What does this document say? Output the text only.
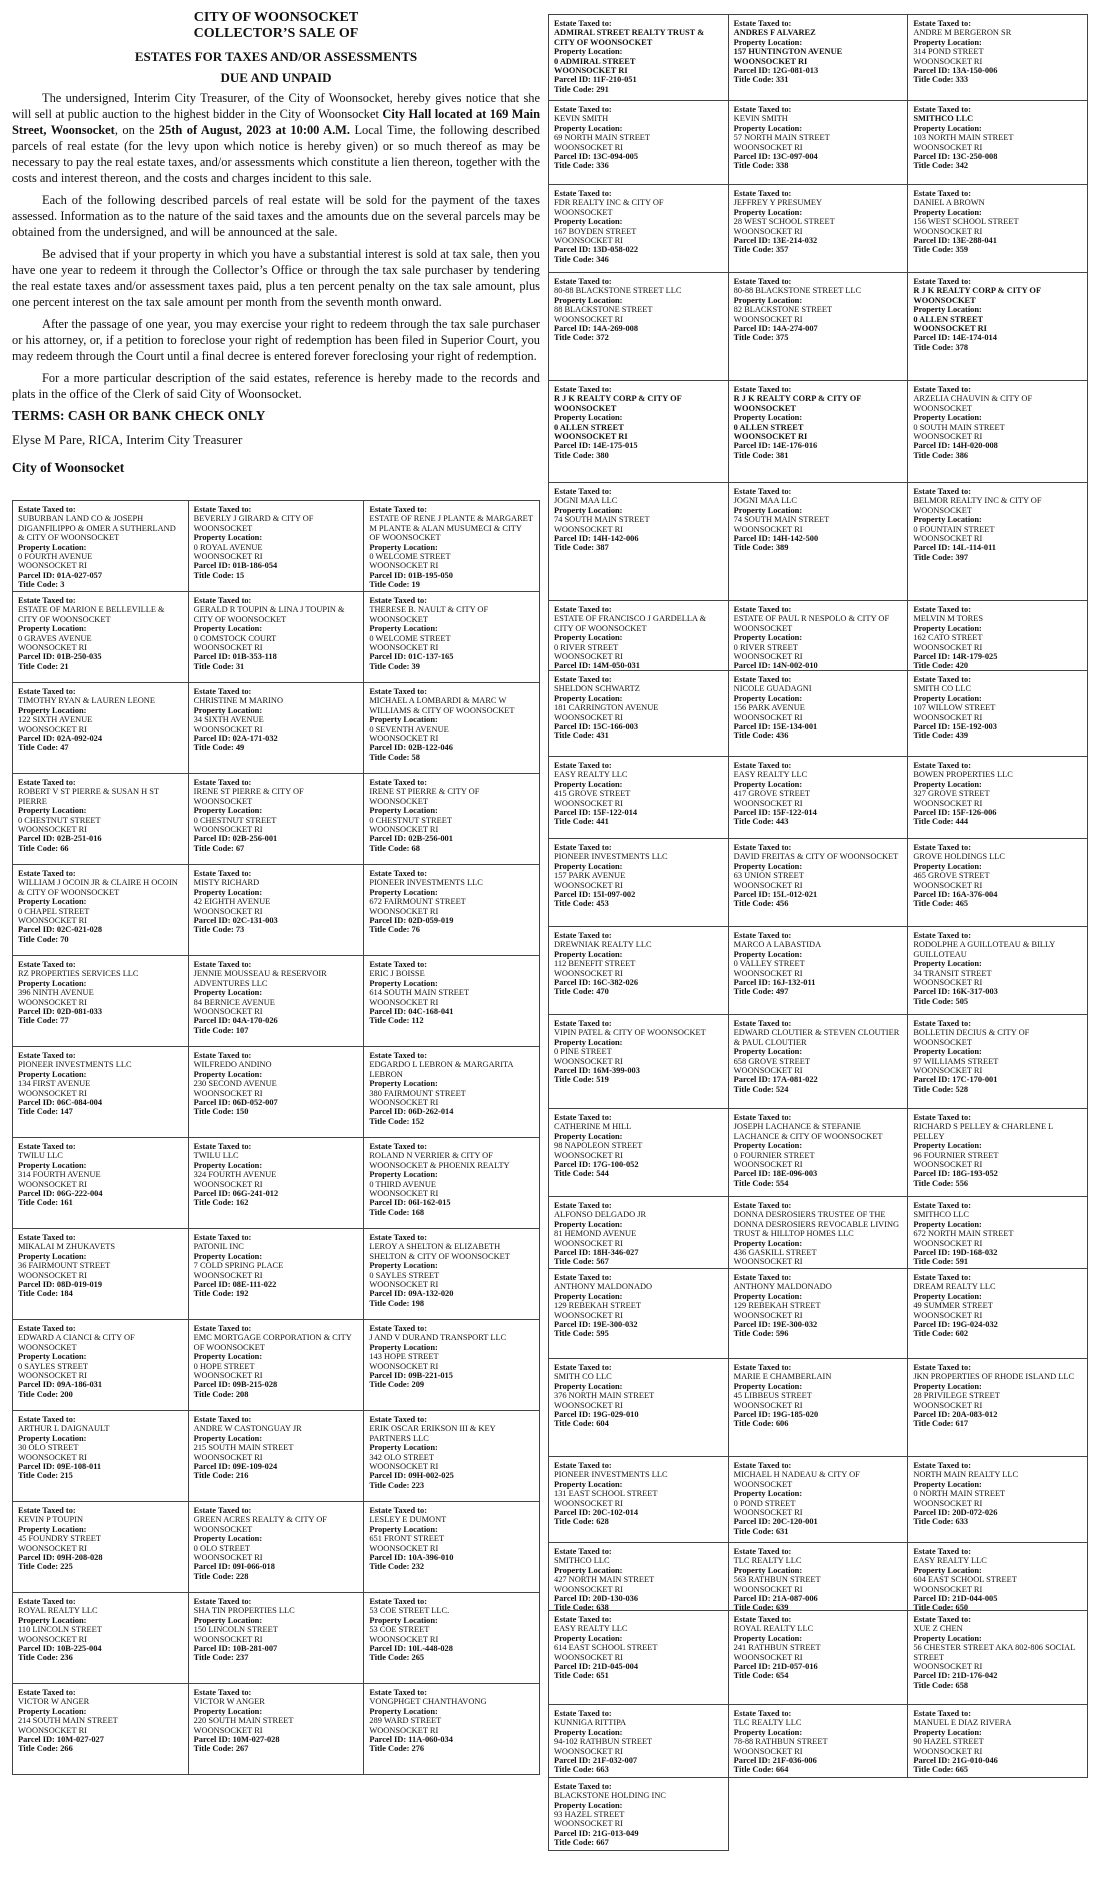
CITY OF WOONSOCKET
COLLECTOR’S SALE OF
ESTATES FOR TAXES AND/OR ASSESSMENTS
DUE AND UNPAID
The undersigned, Interim City Treasurer, of the City of Woonsocket, hereby gives notice that she will sell at public auction to the highest bidder in the City of Woonsocket City Hall located at 169 Main Street, Woonsocket, on the 25th of August, 2023 at 10:00 A.M. Local Time, the following described parcels of real estate (for the levy upon which notice is hereby given) or so much thereof as may be necessary to pay the real estate taxes, and/or assessments which constitute a lien thereon, together with the costs and interest thereon, and the costs and charges incident to this sale.
Each of the following described parcels of real estate will be sold for the payment of the taxes assessed. Information as to the nature of the said taxes and the amounts due on the several parcels may be obtained from the undersigned, and will be announced at the sale.
Be advised that if your property in which you have a substantial interest is sold at tax sale, then you have one year to redeem it through the Collector’s Office or through the tax sale purchaser by tendering the real estate taxes and/or assessment taxes paid, plus a ten percent penalty on the tax sale amount, plus one percent interest on the tax sale amount per month from the seventh month onward.
After the passage of one year, you may exercise your right to redeem through the tax sale purchaser or his attorney, or, if a petition to foreclose your right of redemption has been filed in Superior Court, you may redeem through the Court until a final decree is entered forever foreclosing your right of redemption.
For a more particular description of the said estates, reference is hereby made to the records and plats in the office of the Clerk of said City of Woonsocket.
TERMS: CASH OR BANK CHECK ONLY
Elyse M Pare, RICA, Interim City Treasurer
City of Woonsocket
Estate Taxed to:
SUBURBAN LAND CO & JOSEPH DIGANFILIPPO & OMER A SUTHERLAND & CITY OF WOONSOCKET
Property Location:
0 FOURTH AVENUE
WOONSOCKET RI
Parcel ID: 01A-027-057
Title Code: 3
Estate Taxed to:
BEVERLY J GIRARD & CITY OF WOONSOCKET
Property Location:
0 ROYAL AVENUE
WOONSOCKET RI
Parcel ID: 01B-186-054
Title Code: 15
Estate Taxed to:
ESTATE OF RENE J PLANTE & MARGARET M PLANTE & ALAN MUSUMECI & CITY OF WOONSOCKET
Property Location:
0 WELCOME STREET
WOONSOCKET RI
Parcel ID: 01B-195-050
Title Code: 19
Estate Taxed to:
ESTATE OF MARION E BELLEVILLE & CITY OF WOONSOCKET
Property Location:
0 GRAVES AVENUE
WOONSOCKET RI
Parcel ID: 01B-250-035
Title Code: 21
Estate Taxed to:
GERALD R TOUPIN & LINA J TOUPIN & CITY OF WOONSOCKET
Property Location:
0 COMSTOCK COURT
WOONSOCKET RI
Parcel ID: 01B-353-118
Title Code: 31
Estate Taxed to:
THERESE B. NAULT & CITY OF WOONSOCKET
Property Location:
0 WELCOME STREET
WOONSOCKET RI
Parcel ID: 01C-137-165
Title Code: 39
Estate Taxed to:
TIMOTHY RYAN & LAUREN LEONE
Property Location:
122 SIXTH AVENUE
WOONSOCKET RI
Parcel ID: 02A-092-024
Title Code: 47
Estate Taxed to:
CHRISTINE M MARINO
Property Location:
34 SIXTH AVENUE
WOONSOCKET RI
Parcel ID: 02A-171-032
Title Code: 49
Estate Taxed to:
MICHAEL A LOMBARDI & MARC W WILLIAMS & CITY OF WOONSOCKET
Property Location:
0 SEVENTH AVENUE
WOONSOCKET RI
Parcel ID: 02B-122-046
Title Code: 58
Estate Taxed to:
ROBERT V ST PIERRE & SUSAN H ST PIERRE
Property Location:
0 CHESTNUT STREET
WOONSOCKET RI
Parcel ID: 02B-251-016
Title Code: 66
Estate Taxed to:
IRENE ST PIERRE & CITY OF WOONSOCKET
Property Location:
0 CHESTNUT STREET
WOONSOCKET RI
Parcel ID: 02B-256-001
Title Code: 67
Estate Taxed to:
IRENE ST PIERRE & CITY OF WOONSOCKET
Property Location:
0 CHESTNUT STREET
WOONSOCKET RI
Parcel ID: 02B-256-001
Title Code: 68
Estate Taxed to:
WILLIAM J OCOIN JR & CLAIRE H OCOIN & CITY OF WOONSOCKET
Property Location:
0 CHAPEL STREET
WOONSOCKET RI
Parcel ID: 02C-021-028
Title Code: 70
Estate Taxed to:
MISTY RICHARD
Property Location:
42 EIGHTH AVENUE
WOONSOCKET RI
Parcel ID: 02C-131-003
Title Code: 73
Estate Taxed to:
PIONEER INVESTMENTS LLC
Property Location:
672 FAIRMOUNT STREET
WOONSOCKET RI
Parcel ID: 02D-059-019
Title Code: 76
Estate Taxed to:
RZ PROPERTIES SERVICES LLC
Property Location:
396 NINTH AVENUE
WOONSOCKET RI
Parcel ID: 02D-081-033
Title Code: 77
Estate Taxed to:
JENNIE MOUSSEAU & RESERVOIR ADVENTURES LLC
Property Location:
84 BERNICE AVENUE
WOONSOCKET RI
Parcel ID: 04A-170-026
Title Code: 107
Estate Taxed to:
ERIC J BOISSE
Property Location:
614 SOUTH MAIN STREET
WOONSOCKET RI
Parcel ID: 04C-168-041
Title Code: 112
Estate Taxed to:
PIONEER INVESTMENTS LLC
Property Location:
134 FIRST AVENUE
WOONSOCKET RI
Parcel ID: 06C-084-004
Title Code: 147
Estate Taxed to:
WILFREDO ANDINO
Property Location:
230 SECOND AVENUE
WOONSOCKET RI
Parcel ID: 06D-052-007
Title Code: 150
Estate Taxed to:
EDGARDO L LEBRON & MARGARITA LEBRON
Property Location:
380 FAIRMOUNT STREET
WOONSOCKET RI
Parcel ID: 06D-262-014
Title Code: 152
Estate Taxed to:
TWILU LLC
Property Location:
314 FOURTH AVENUE
WOONSOCKET RI
Parcel ID: 06G-222-004
Title Code: 161
Estate Taxed to:
TWILU LLC
Property Location:
324 FOURTH AVENUE
WOONSOCKET RI
Parcel ID: 06G-241-012
Title Code: 162
Estate Taxed to:
ROLAND N VERRIER & CITY OF WOONSOCKET & PHOENIX REALTY
Property Location:
0 THIRD AVENUE
WOONSOCKET RI
Parcel ID: 06I-162-015
Title Code: 168
Estate Taxed to:
MIKALAI M ZHUKAVETS
Property Location:
36 FAIRMOUNT STREET
WOONSOCKET RI
Parcel ID: 08D-019-019
Title Code: 184
Estate Taxed to:
PATONIL INC
Property Location:
7 COLD SPRING PLACE
WOONSOCKET RI
Parcel ID: 08E-111-022
Title Code: 192
Estate Taxed to:
LEROY A SHELTON & ELIZABETH SHELTON & CITY OF WOONSOCKET
Property Location:
0 SAYLES STREET
WOONSOCKET RI
Parcel ID: 09A-132-020
Title Code: 198
Estate Taxed to:
EDWARD A CIANCI & CITY OF WOONSOCKET
Property Location:
0 SAYLES STREET
WOONSOCKET RI
Parcel ID: 09A-186-031
Title Code: 200
Estate Taxed to:
EMC MORTGAGE CORPORATION & CITY OF WOONSOCKET
Property Location:
0 HOPE STREET
WOONSOCKET RI
Parcel ID: 09B-215-028
Title Code: 208
Estate Taxed to:
J AND V DURAND TRANSPORT LLC
Property Location:
143 HOPE STREET
WOONSOCKET RI
Parcel ID: 09B-221-015
Title Code: 209
Estate Taxed to:
ARTHUR L DAIGNAULT
Property Location:
30 OLO STREET
WOONSOCKET RI
Parcel ID: 09E-108-011
Title Code: 215
Estate Taxed to:
ANDRE W CASTONGUAY JR
Property Location:
215 SOUTH MAIN STREET
WOONSOCKET RI
Parcel ID: 09E-109-024
Title Code: 216
Estate Taxed to:
ERIK OSCAR ERIKSON III & KEY PARTNERS LLC
Property Location:
342 OLO STREET
WOONSOCKET RI
Parcel ID: 09H-002-025
Title Code: 223
Estate Taxed to:
KEVIN P TOUPIN
Property Location:
45 FOUNDRY STREET
WOONSOCKET RI
Parcel ID: 09H-208-028
Title Code: 225
Estate Taxed to:
GREEN ACRES REALTY & CITY OF WOONSOCKET
Property Location:
0 OLO STREET
WOONSOCKET RI
Parcel ID: 09I-066-018
Title Code: 228
Estate Taxed to:
LESLEY E DUMONT
Property Location:
651 FRONT STREET
WOONSOCKET RI
Parcel ID: 10A-396-010
Title Code: 232
Estate Taxed to:
ROYAL REALTY LLC
Property Location:
110 LINCOLN STREET
WOONSOCKET RI
Parcel ID: 10B-225-004
Title Code: 236
Estate Taxed to:
SHA TIN PROPERTIES LLC
Property Location:
150 LINCOLN STREET
WOONSOCKET RI
Parcel ID: 10B-281-007
Title Code: 237
Estate Taxed to:
53 COE STREET LLC.
Property Location:
53 COE STREET
WOONSOCKET RI
Parcel ID: 10L-448-028
Title Code: 265
Estate Taxed to:
VICTOR W ANGER
Property Location:
214 SOUTH MAIN STREET
WOONSOCKET RI
Parcel ID: 10M-027-027
Title Code: 266
Estate Taxed to:
VICTOR W ANGER
Property Location:
220 SOUTH MAIN STREET
WOONSOCKET RI
Parcel ID: 10M-027-028
Title Code: 267
Estate Taxed to:
VONGPHGET CHANTHAVONG
Property Location:
289 WARD STREET
WOONSOCKET RI
Parcel ID: 11A-060-034
Title Code: 276
Estate Taxed to:
ADMIRAL STREET REALTY TRUST & CITY OF WOONSOCKET
Property Location:
0 ADMIRAL STREET
WOONSOCKET RI
Parcel ID: 11F-210-051
Title Code: 291
Estate Taxed to:
ANDRES F ALVAREZ
Property Location:
157 HUNTINGTON AVENUE
WOONSOCKET RI
Parcel ID: 12G-081-013
Title Code: 331
Estate Taxed to:
ANDRE M BERGERON SR
Property Location:
314 POND STREET
WOONSOCKET RI
Parcel ID: 13A-150-006
Title Code: 333
Estate Taxed to:
KEVIN SMITH
Property Location:
69 NORTH MAIN STREET
WOONSOCKET RI
Parcel ID: 13C-094-005
Title Code: 336
Estate Taxed to:
KEVIN SMITH
Property Location:
57 NORTH MAIN STREET
WOONSOCKET RI
Parcel ID: 13C-097-004
Title Code: 338
Estate Taxed to:
SMITHCO LLC
Property Location:
103 NORTH MAIN STREET
WOONSOCKET RI
Parcel ID: 13C-250-008
Title Code: 342
Estate Taxed to:
FDR REALTY INC & CITY OF WOONSOCKET
Property Location:
167 BOYDEN STREET
WOONSOCKET RI
Parcel ID: 13D-058-022
Title Code: 346
Estate Taxed to:
JEFFREY Y PRESUMEY
Property Location:
28 WEST SCHOOL STREET
WOONSOCKET RI
Parcel ID: 13E-214-032
Title Code: 357
Estate Taxed to:
DANIEL A BROWN
Property Location:
156 WEST SCHOOL STREET
WOONSOCKET RI
Parcel ID: 13E-288-041
Title Code: 359
Estate Taxed to:
80-88 BLACKSTONE STREET LLC
Property Location:
88 BLACKSTONE STREET
WOONSOCKET RI
Parcel ID: 14A-269-008
Title Code: 372
Estate Taxed to:
80-88 BLACKSTONE STREET LLC
Property Location:
82 BLACKSTONE STREET
WOONSOCKET RI
Parcel ID: 14A-274-007
Title Code: 375
Estate Taxed to:
R J K REALTY CORP & CITY OF WOONSOCKET
Property Location:
0 ALLEN STREET
WOONSOCKET RI
Parcel ID: 14E-174-014
Title Code: 378
Estate Taxed to:
R J K REALTY CORP & CITY OF WOONSOCKET
Property Location:
0 ALLEN STREET
WOONSOCKET RI
Parcel ID: 14E-175-015
Title Code: 380
Estate Taxed to:
R J K REALTY CORP & CITY OF WOONSOCKET
Property Location:
0 ALLEN STREET
WOONSOCKET RI
Parcel ID: 14E-176-016
Title Code: 381
Estate Taxed to:
ARZELIA CHAUVIN & CITY OF WOONSOCKET
Property Location:
0 SOUTH MAIN STREET
WOONSOCKET RI
Parcel ID: 14H-020-008
Title Code: 386
Estate Taxed to:
JOGNI MAA LLC
Property Location:
74 SOUTH MAIN STREET
WOONSOCKET RI
Parcel ID: 14H-142-006
Title Code: 387
Estate Taxed to:
JOGNI MAA LLC
Property Location:
74 SOUTH MAIN STREET
WOONSOCKET RI
Parcel ID: 14H-142-500
Title Code: 389
Estate Taxed to:
BELMOR REALTY INC & CITY OF WOONSOCKET
Property Location:
0 FOUNTAIN STREET
WOONSOCKET RI
Parcel ID: 14L-114-011
Title Code: 397
Estate Taxed to:
ESTATE OF FRANCISCO J GARDELLA & CITY OF WOONSOCKET
Property Location:
0 RIVER STREET
WOONSOCKET RI
Parcel ID: 14M-050-031
Estate Taxed to:
ESTATE OF PAUL R NESPOLO & CITY OF WOONSOCKET
Property Location:
0 RIVER STREET
WOONSOCKET RI
Parcel ID: 14N-002-010
Estate Taxed to:
MELVIN M TORES
Property Location:
162 CATO STREET
WOONSOCKET RI
Parcel ID: 14R-179-025
Title Code: 420
Estate Taxed to:
SHELDON SCHWARTZ
Property Location:
181 CARRINGTON AVENUE
WOONSOCKET RI
Parcel ID: 15C-166-003
Title Code: 431
Estate Taxed to:
NICOLE GUADAGNI
Property Location:
156 PARK AVENUE
WOONSOCKET RI
Parcel ID: 15E-134-001
Title Code: 436
Estate Taxed to:
SMITH CO LLC
Property Location:
107 WILLOW STREET
WOONSOCKET RI
Parcel ID: 15E-192-003
Title Code: 439
Estate Taxed to:
EASY REALTY LLC
Property Location:
415 GROVE STREET
WOONSOCKET RI
Parcel ID: 15F-122-014
Title Code: 441
Estate Taxed to:
EASY REALTY LLC
Property Location:
417 GROVE STREET
WOONSOCKET RI
Parcel ID: 15F-122-014
Title Code: 443
Estate Taxed to:
BOWEN PROPERTIES LLC
Property Location:
327 GROVE STREET
WOONSOCKET RI
Parcel ID: 15F-126-006
Title Code: 444
Estate Taxed to:
PIONEER INVESTMENTS LLC
Property Location:
157 PARK AVENUE
WOONSOCKET RI
Parcel ID: 15I-097-002
Title Code: 453
Estate Taxed to:
DAVID FREITAS & CITY OF WOONSOCKET
Property Location:
63 UNION STREET
WOONSOCKET RI
Parcel ID: 15L-012-021
Title Code: 456
Estate Taxed to:
GROVE HOLDINGS LLC
Property Location:
465 GROVE STREET
WOONSOCKET RI
Parcel ID: 16A-376-004
Title Code: 465
Estate Taxed to:
DREWNIAK REALTY LLC
Property Location:
112 BENEFIT STREET
WOONSOCKET RI
Parcel ID: 16C-382-026
Title Code: 470
Estate Taxed to:
MARCO A LABASTIDA
Property Location:
0 VALLEY STREET
WOONSOCKET RI
Parcel ID: 16J-132-011
Title Code: 497
Estate Taxed to:
RODOLPHE A GUILLOTEAU & BILLY GUILLOTEAU
Property Location:
34 TRANSIT STREET
WOONSOCKET RI
Parcel ID: 16K-317-003
Title Code: 505
Estate Taxed to:
VIPIN PATEL & CITY OF WOONSOCKET
Property Location:
0 PINE STREET
WOONSOCKET RI
Parcel ID: 16M-399-003
Title Code: 519
Estate Taxed to:
EDWARD CLOUTIER & STEVEN CLOUTIER & PAUL CLOUTIER
Property Location:
658 GROVE STREET
WOONSOCKET RI
Parcel ID: 17A-081-022
Title Code: 524
Estate Taxed to:
BOLLETIN DECIUS & CITY OF WOONSOCKET
Property Location:
97 WILLIAMS STREET
WOONSOCKET RI
Parcel ID: 17C-170-001
Title Code: 528
Estate Taxed to:
CATHERINE M HILL
Property Location:
98 NAPOLEON STREET
WOONSOCKET RI
Parcel ID: 17G-100-052
Title Code: 544
Estate Taxed to:
JOSEPH LACHANCE & STEFANIE LACHANCE & CITY OF WOONSOCKET
Property Location:
0 FOURNIER STREET
WOONSOCKET RI
Parcel ID: 18E-096-003
Title Code: 554
Estate Taxed to:
RICHARD S PELLEY & CHARLENE L PELLEY
Property Location:
96 FOURNIER STREET
WOONSOCKET RI
Parcel ID: 18G-193-052
Title Code: 556
Estate Taxed to:
ALFONSO DELGADO JR
Property Location:
81 HEMOND AVENUE
WOONSOCKET RI
Parcel ID: 18H-346-027
Title Code: 567
Estate Taxed to:
DONNA DESROSIERS TRUSTEE OF THE DONNA DESROSIERS REVOCABLE LIVING TRUST & HILLTOP HOMES LLC
Property Location:
436 GASKILL STREET
WOONSOCKET RI
Estate Taxed to:
SMITHCO LLC
Property Location:
672 NORTH MAIN STREET
WOONSOCKET RI
Parcel ID: 19D-168-032
Title Code: 591
Estate Taxed to:
ANTHONY MALDONADO
Property Location:
129 REBEKAH STREET
WOONSOCKET RI
Parcel ID: 19E-300-032
Title Code: 595
Estate Taxed to:
ANTHONY MALDONADO
Property Location:
129 REBEKAH STREET
WOONSOCKET RI
Parcel ID: 19E-300-032
Title Code: 596
Estate Taxed to:
DREAM REALTY LLC
Property Location:
49 SUMMER STREET
WOONSOCKET RI
Parcel ID: 19G-024-032
Title Code: 602
Estate Taxed to:
SMITH CO LLC
Property Location:
376 NORTH MAIN STREET
WOONSOCKET RI
Parcel ID: 19G-029-010
Title Code: 604
Estate Taxed to:
MARIE E CHAMBERLAIN
Property Location:
45 LIBBEUS STREET
WOONSOCKET RI
Parcel ID: 19G-185-020
Title Code: 606
Estate Taxed to:
JKN PROPERTIES OF RHODE ISLAND LLC
Property Location:
28 PRIVILEGE STREET
WOONSOCKET RI
Parcel ID: 20A-083-012
Title Code: 617
Estate Taxed to:
PIONEER INVESTMENTS LLC
Property Location:
131 EAST SCHOOL STREET
WOONSOCKET RI
Parcel ID: 20C-102-014
Title Code: 628
Estate Taxed to:
MICHAEL H NADEAU & CITY OF WOONSOCKET
Property Location:
0 POND STREET
WOONSOCKET RI
Parcel ID: 20C-120-001
Title Code: 631
Estate Taxed to:
NORTH MAIN REALTY LLC
Property Location:
0 NORTH MAIN STREET
WOONSOCKET RI
Parcel ID: 20D-072-026
Title Code: 633
Estate Taxed to:
SMITHCO LLC
Property Location:
427 NORTH MAIN STREET
WOONSOCKET RI
Parcel ID: 20D-130-036
Title Code: 638
Estate Taxed to:
TLC REALTY LLC
Property Location:
563 RATHBUN STREET
WOONSOCKET RI
Parcel ID: 21A-087-006
Title Code: 639
Estate Taxed to:
EASY REALTY LLC
Property Location:
604 EAST SCHOOL STREET
WOONSOCKET RI
Parcel ID: 21D-044-005
Title Code: 650
Estate Taxed to:
EASY REALTY LLC
Property Location:
614 EAST SCHOOL STREET
WOONSOCKET RI
Parcel ID: 21D-045-004
Title Code: 651
Estate Taxed to:
ROYAL REALTY LLC
Property Location:
241 RATHBUN STREET
WOONSOCKET RI
Parcel ID: 21D-057-016
Title Code: 654
Estate Taxed to:
XUE Z CHEN
Property Location:
56 CHESTER STREET AKA 802-806 SOCIAL STREET
WOONSOCKET RI
Parcel ID: 21D-176-042
Title Code: 658
Estate Taxed to:
KUNNIGA RITTIPA
Property Location:
94-102 RATHBUN STREET
WOONSOCKET RI
Parcel ID: 21F-032-007
Title Code: 663
Estate Taxed to:
TLC REALTY LLC
Property Location:
78-88 RATHBUN STREET
WOONSOCKET RI
Parcel ID: 21F-036-006
Title Code: 664
Estate Taxed to:
MANUEL E DIAZ RIVERA
Property Location:
90 HAZEL STREET
WOONSOCKET RI
Parcel ID: 21G-010-046
Title Code: 665
Estate Taxed to:
BLACKSTONE HOLDING INC
Property Location:
93 HAZEL STREET
WOONSOCKET RI
Parcel ID: 21G-013-049
Title Code: 667
